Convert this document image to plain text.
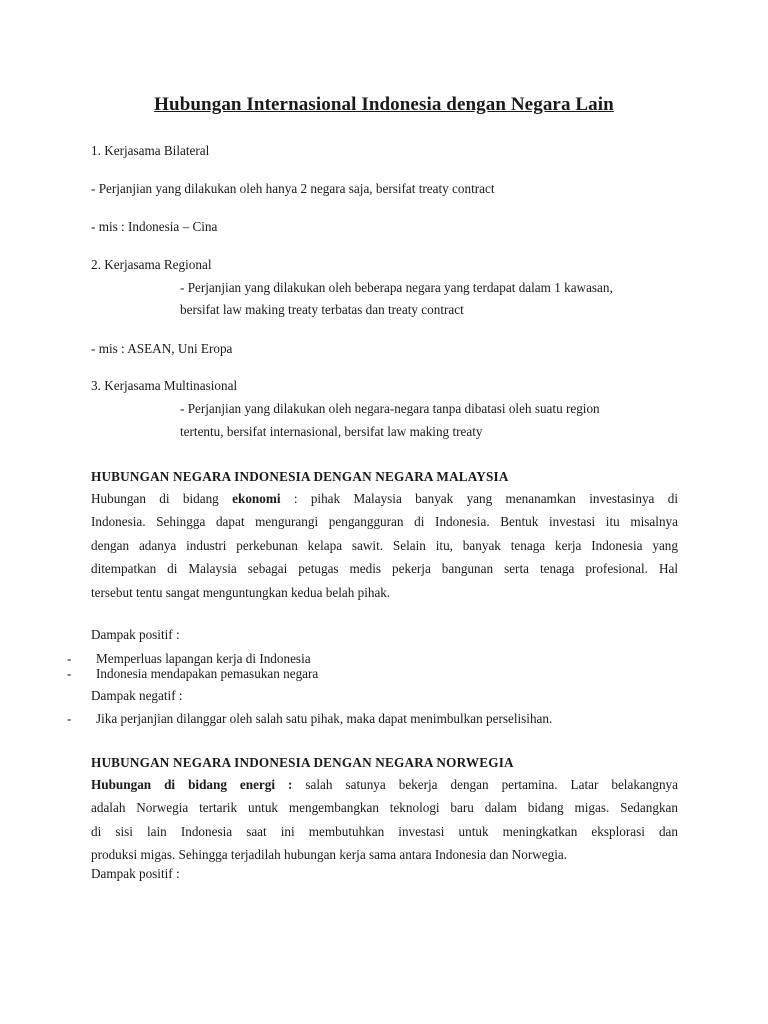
Hubungan Internasional Indonesia dengan Negara Lain

1. Kerjasama Bilateral

- Perjanjian yang dilakukan oleh hanya 2 negara saja, bersifat treaty contract

- mis : Indonesia – Cina

2. Kerjasama Regional

- Perjanjian yang dilakukan oleh beberapa negara yang terdapat dalam 1 kawasan,

bersifat law making treaty terbatas dan treaty contract

- mis : ASEAN, Uni Eropa

3. Kerjasama Multinasional

- Perjanjian yang dilakukan oleh negara-negara tanpa dibatasi oleh suatu region

tertentu, bersifat internasional, bersifat law making treaty

HUBUNGAN NEGARA INDONESIA DENGAN NEGARA MALAYSIA

Hubungan di bidang ekonomi : pihak Malaysia banyak yang menanamkan investasinya di
Indonesia. Sehingga dapat mengurangi pengangguran di Indonesia. Bentuk investasi itu misalnya
dengan adanya industri perkebunan kelapa sawit. Selain itu, banyak tenaga kerja Indonesia yang
ditempatkan di Malaysia sebagai petugas medis pekerja bangunan serta tenaga profesional. Hal
tersebut tentu sangat menguntungkan kedua belah pihak.

Dampak positif :

- Memperluas lapangan kerja di Indonesia
- Indonesia mendapakan pemasukan negara

Dampak negatif :

- Jika perjanjian dilanggar oleh salah satu pihak, maka dapat menimbulkan perselisihan.

HUBUNGAN NEGARA INDONESIA DENGAN NEGARA NORWEGIA

Hubungan di bidang energi : salah satunya bekerja dengan pertamina. Latar belakangnya
adalah Norwegia tertarik untuk mengembangkan teknologi baru dalam bidang migas. Sedangkan
di sisi lain Indonesia saat ini membutuhkan investasi untuk meningkatkan eksplorasi dan
produksi migas. Sehingga terjadilah hubungan kerja sama antara Indonesia dan Norwegia.

Dampak positif :
